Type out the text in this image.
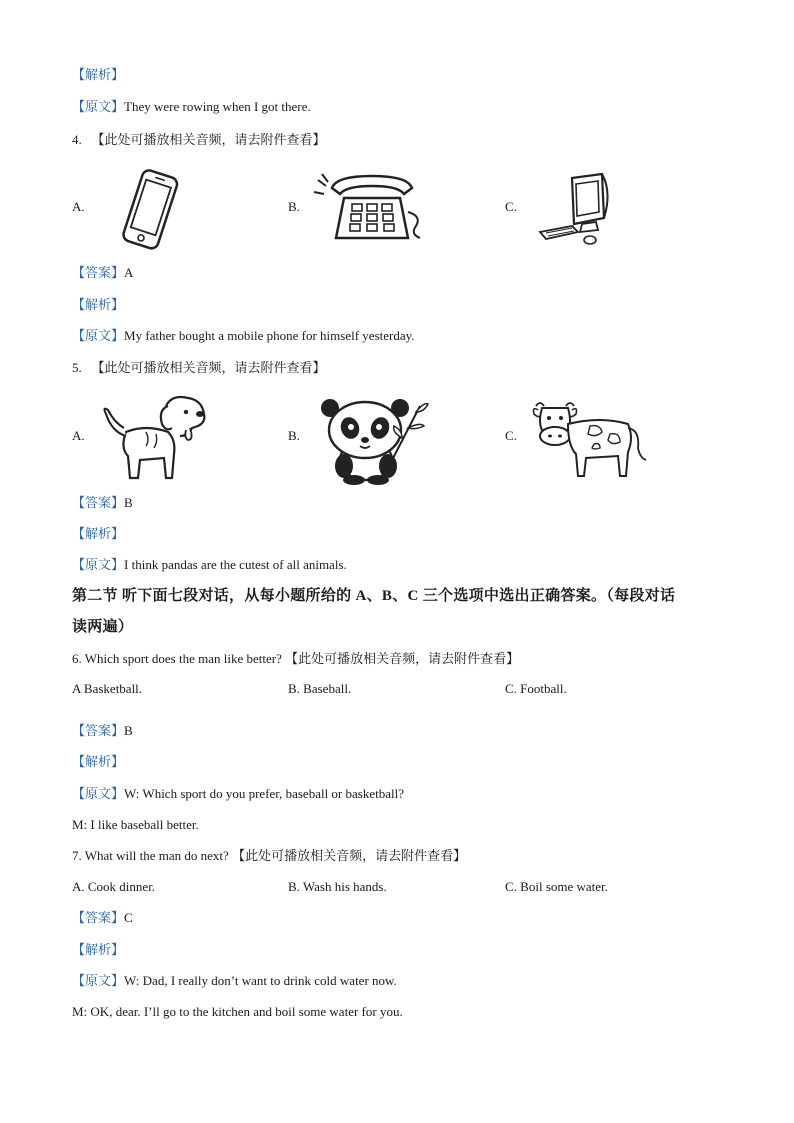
【解析】
【原文】They were rowing when I got there.
4. 【此处可播放相关音频，请去附件查看】
A.	B.	C.
【答案】A
【解析】
【原文】My father bought a mobile phone for himself yesterday.
5. 【此处可播放相关音频，请去附件查看】
A.	B.	C.
【答案】B
【解析】
【原文】I think pandas are the cutest of all animals.
第二节 听下面七段对话，从每小题所给的 A、B、C 三个选项中选出正确答案。（每段对话
读两遍）
6. Which sport does the man like better? 【此处可播放相关音频，请去附件查看】
A Basketball.	B. Baseball.	C. Football.
【答案】B
【解析】
【原文】W: Which sport do you prefer, baseball or basketball?
M: I like baseball better.
7. What will the man do next? 【此处可播放相关音频，请去附件查看】
A. Cook dinner.	B. Wash his hands.	C. Boil some water.
【答案】C
【解析】
【原文】W: Dad, I really don’t want to drink cold water now.
M: OK, dear. I’ll go to the kitchen and boil some water for you.
